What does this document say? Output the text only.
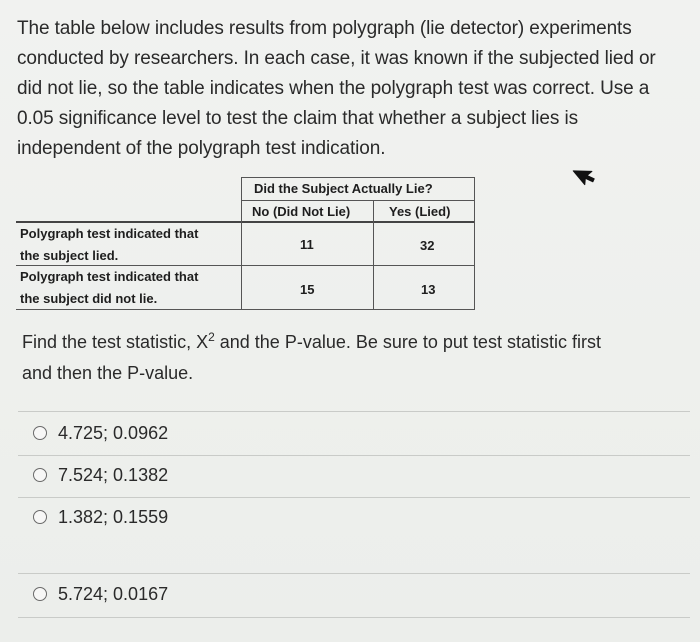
The table below includes results from polygraph (lie detector) experiments
conducted by researchers. In each case, it was known if the subjected lied or
did not lie, so the table indicates when the polygraph test was correct. Use a
0.05 significance level to test the claim that whether a subject lies is
independent of the polygraph test indication.
Did the Subject Actually Lie?
No (Did Not Lie)	Yes (Lied)
Polygraph test indicated that
the subject lied.
11	32
Polygraph test indicated that
the subject did not lie.
15	13
Find the test statistic, $X^2$ and the P-value. Be sure to put test statistic first
and then the P-value.
4.725; 0.0962
7.524; 0.1382
1.382; 0.1559
5.724; 0.0167
